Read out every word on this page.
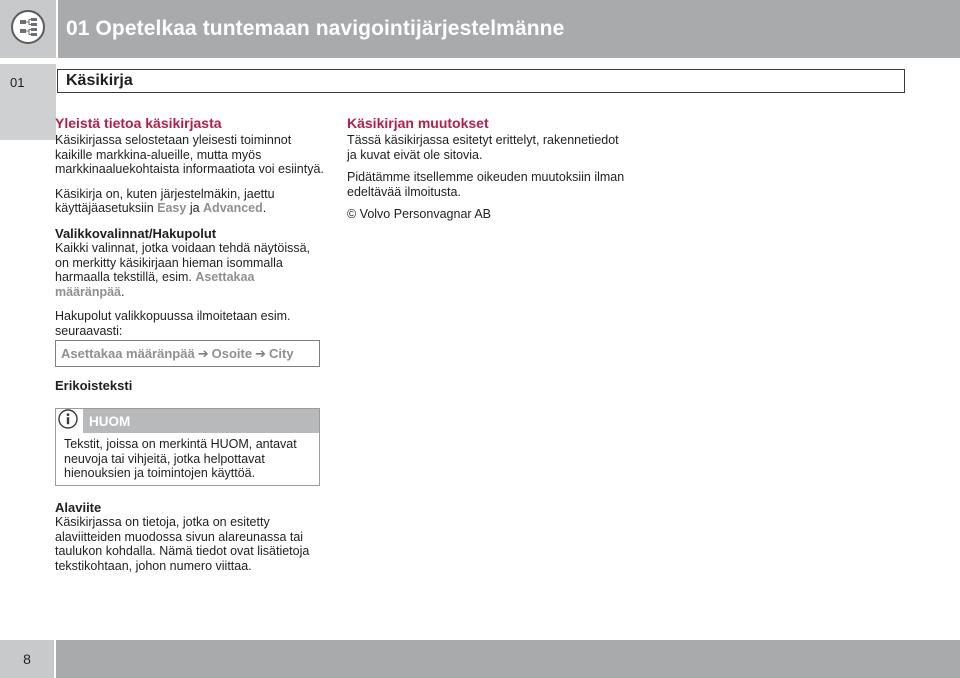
01 Opetelkaa tuntemaan navigointijärjestelmänne
01	Käsikirja
Yleistä tietoa käsikirjasta
Käsikirjassa selostetaan yleisesti toiminnot kaikille markkina-alueille, mutta myös markkinaaluekohtaista informaatiota voi esiintyä.
Käsikirja on, kuten järjestelmäkin, jaettu käyttäjäasetuksiin Easy ja Advanced.
Valikkovalinnat/Hakupolut
Kaikki valinnat, jotka voidaan tehdä näytöissä, on merkitty käsikirjaan hieman isommalla harmaalla tekstillä, esim. Asettakaa määränpää.
Hakupolut valikkopuussa ilmoitetaan esim. seuraavasti:
Asettakaa määränpää ➔ Osoite ➔ City
Erikoisteksti
HUOM
Tekstit, joissa on merkintä HUOM, antavat neuvoja tai vihjeitä, jotka helpottavat hienouksien ja toimintojen käyttöä.
Alaviite
Käsikirjassa on tietoja, jotka on esitetty alaviitteiden muodossa sivun alareunassa tai taulukon kohdalla. Nämä tiedot ovat lisätietoja tekstikohtaan, johon numero viittaa.
Käsikirjan muutokset
Tässä käsikirjassa esitetyt erittelyt, rakennetiedot ja kuvat eivät ole sitovia.
Pidätämme itsellemme oikeuden muutoksiin ilman edeltävää ilmoitusta.
© Volvo Personvagnar AB
8
